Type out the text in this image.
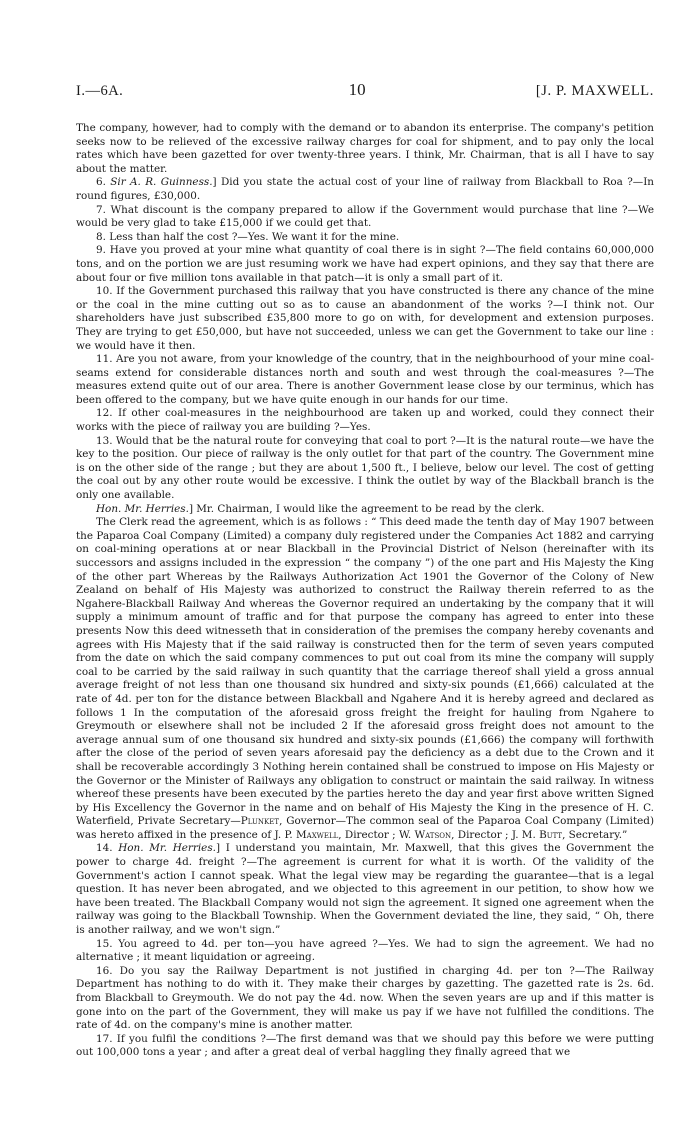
I.—6A.	10	[J. P. MAXWELL.

The company, however, had to comply with the demand or to abandon its enterprise. The company's petition seeks now to be relieved of the excessive railway charges for coal for shipment, and to pay only the local rates which have been gazetted for over twenty-three years. I think, Mr. Chairman, that is all I have to say about the matter.

6. Sir A. R. Guinness.] Did you state the actual cost of your line of railway from Blackball to Roa ?—In round figures, £30,000.

7. What discount is the company prepared to allow if the Government would purchase that line ?—We would be very glad to take £15,000 if we could get that.

8. Less than half the cost ?—Yes. We want it for the mine.

9. Have you proved at your mine what quantity of coal there is in sight ?—The field contains 60,000,000 tons, and on the portion we are just resuming work we have had expert opinions, and they say that there are about four or five million tons available in that patch—it is only a small part of it.

10. If the Government purchased this railway that you have constructed is there any chance of the mine or the coal in the mine cutting out so as to cause an abandonment of the works ?—I think not. Our shareholders have just subscribed £35,800 more to go on with, for development and extension purposes. They are trying to get £50,000, but have not succeeded, unless we can get the Government to take our line : we would have it then.

11. Are you not aware, from your knowledge of the country, that in the neighbourhood of your mine coal-seams extend for considerable distances north and south and west through the coal-measures ?—The measures extend quite out of our area. There is another Government lease close by our terminus, which has been offered to the company, but we have quite enough in our hands for our time.

12. If other coal-measures in the neighbourhood are taken up and worked, could they connect their works with the piece of railway you are building ?—Yes.

13. Would that be the natural route for conveying that coal to port ?—It is the natural route—we have the key to the position. Our piece of railway is the only outlet for that part of the country. The Government mine is on the other side of the range ; but they are about 1,500 ft., I believe, below our level. The cost of getting the coal out by any other route would be excessive. I think the outlet by way of the Blackball branch is the only one available.

Hon. Mr. Herries.] Mr. Chairman, I would like the agreement to be read by the clerk.

The Clerk read the agreement, which is as follows : “ This deed made the tenth day of May 1907 between the Paparoa Coal Company (Limited) a company duly registered under the Companies Act 1882 and carrying on coal-mining operations at or near Blackball in the Provincial District of Nelson (hereinafter with its successors and assigns included in the expression “ the company ”) of the one part and His Majesty the King of the other part Whereas by the Railways Authorization Act 1901 the Governor of the Colony of New Zealand on behalf of His Majesty was authorized to construct the Railway therein referred to as the Ngahere-Blackball Railway And whereas the Governor required an undertaking by the company that it will supply a minimum amount of traffic and for that purpose the company has agreed to enter into these presents Now this deed witnesseth that in consideration of the premises the company hereby covenants and agrees with His Majesty that if the said railway is constructed then for the term of seven years computed from the date on which the said company commences to put out coal from its mine the company will supply coal to be carried by the said railway in such quantity that the carriage thereof shall yield a gross annual average freight of not less than one thousand six hundred and sixty-six pounds (£1,666) calculated at the rate of 4d. per ton for the distance between Blackball and Ngahere And it is hereby agreed and declared as follows 1 In the computation of the aforesaid gross freight the freight for hauling from Ngahere to Greymouth or elsewhere shall not be included 2 If the aforesaid gross freight does not amount to the average annual sum of one thousand six hundred and sixty-six pounds (£1,666) the company will forthwith after the close of the period of seven years aforesaid pay the deficiency as a debt due to the Crown and it shall be recoverable accordingly 3 Nothing herein contained shall be construed to impose on His Majesty or the Governor or the Minister of Railways any obligation to construct or maintain the said railway. In witness whereof these presents have been executed by the parties hereto the day and year first above written Signed by His Excellency the Governor in the name and on behalf of His Majesty the King in the presence of H. C. Waterfield, Private Secretary—Plunket, Governor—The common seal of the Paparoa Coal Company (Limited) was hereto affixed in the presence of J. P. Maxwell, Director ; W. Watson, Director ; J. M. Butt, Secretary.”

14. Hon. Mr. Herries.] I understand you maintain, Mr. Maxwell, that this gives the Government the power to charge 4d. freight ?—The agreement is current for what it is worth. Of the validity of the Government's action I cannot speak. What the legal view may be regarding the guarantee—that is a legal question. It has never been abrogated, and we objected to this agreement in our petition, to show how we have been treated. The Blackball Company would not sign the agreement. It signed one agreement when the railway was going to the Blackball Township. When the Government deviated the line, they said, “ Oh, there is another railway, and we won't sign.”

15. You agreed to 4d. per ton—you have agreed ?—Yes. We had to sign the agreement. We had no alternative ; it meant liquidation or agreeing.

16. Do you say the Railway Department is not justified in charging 4d. per ton ?—The Railway Department has nothing to do with it. They make their charges by gazetting. The gazetted rate is 2s. 6d. from Blackball to Greymouth. We do not pay the 4d. now. When the seven years are up and if this matter is gone into on the part of the Government, they will make us pay if we have not fulfilled the conditions. The rate of 4d. on the company's mine is another matter.

17. If you fulfil the conditions ?—The first demand was that we should pay this before we were putting out 100,000 tons a year ; and after a great deal of verbal haggling they finally agreed that we
